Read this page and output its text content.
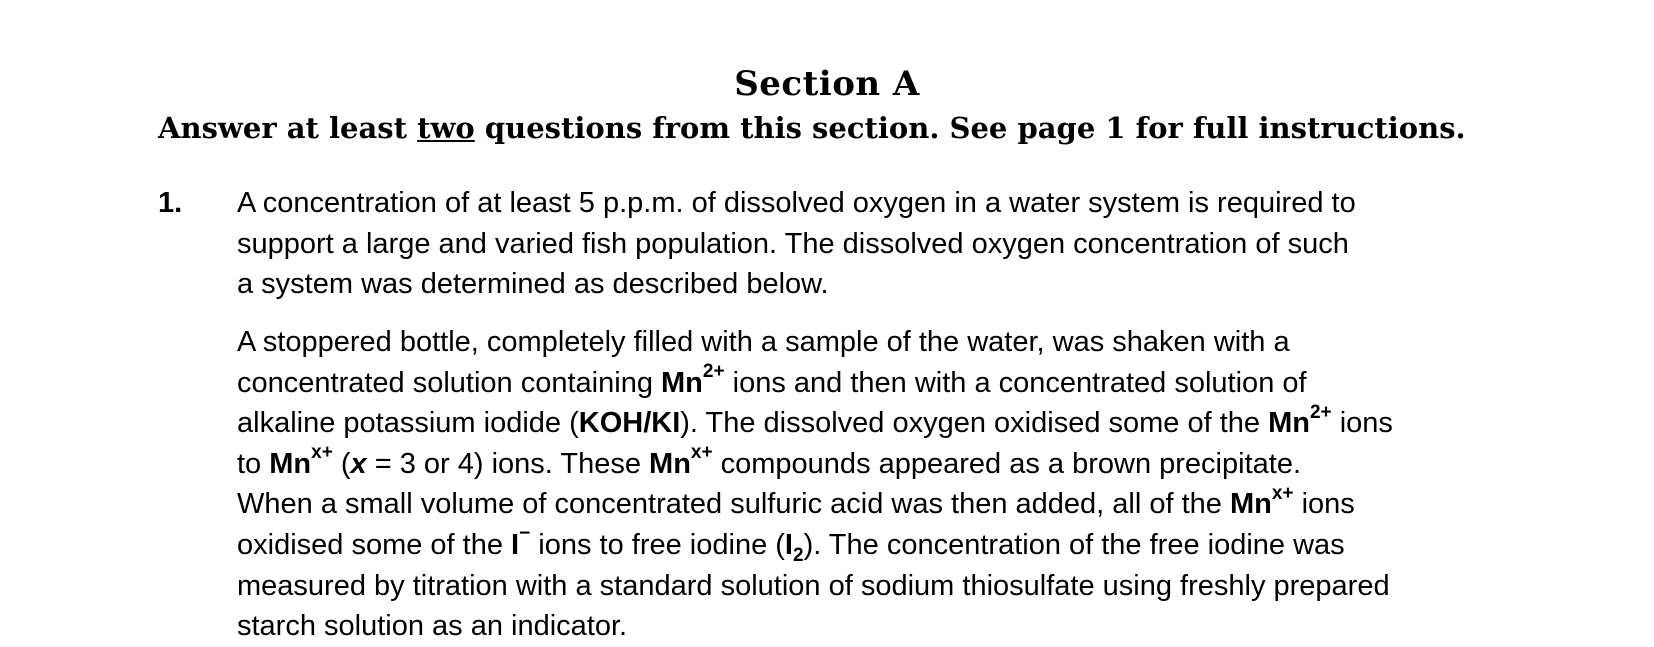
Section A
Answer at least two questions from this section. See page 1 for full instructions.
1. A concentration of at least 5 p.p.m. of dissolved oxygen in a water system is required to
support a large and varied fish population. The dissolved oxygen concentration of such
a system was determined as described below.
A stoppered bottle, completely filled with a sample of the water, was shaken with a
concentrated solution containing $Mn^{2+}$ ions and then with a concentrated solution of
alkaline potassium iodide (KOH/KI). The dissolved oxygen oxidised some of the $Mn^{2+}$ ions
to $Mn^{x+}$ (x = 3 or 4) ions. These $Mn^{x+}$ compounds appeared as a brown precipitate.
When a small volume of concentrated sulfuric acid was then added, all of the $Mn^{x+}$ ions
oxidised some of the I− ions to free iodine $(I_2)$. The concentration of the free iodine was
measured by titration with a standard solution of sodium thiosulfate using freshly prepared
starch solution as an indicator.
